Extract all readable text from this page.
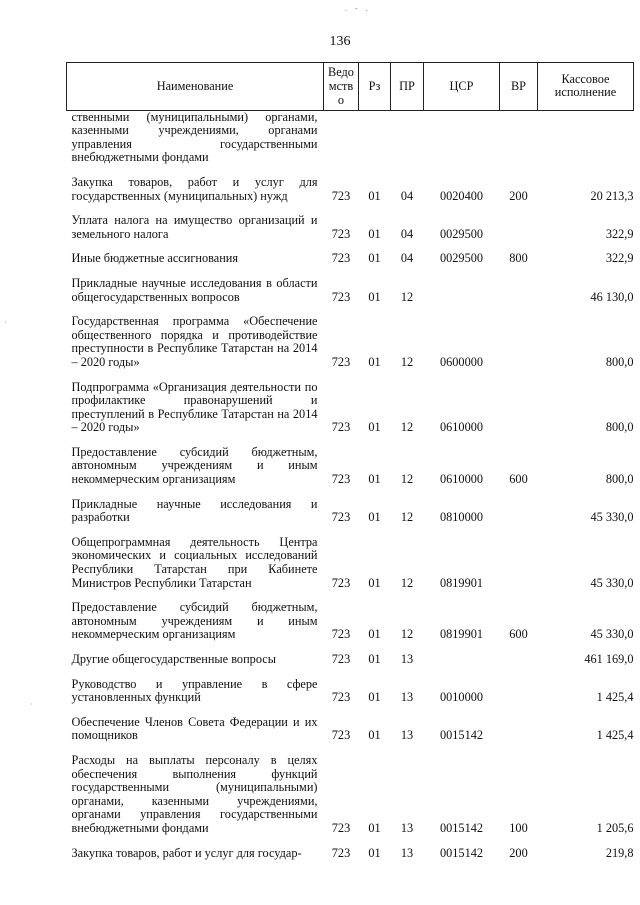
. - .
·
·
136
Наименование	Ведомство	Рз	ПР	ЦСР	ВР	Кассовое исполнение
ственными (муниципальными) органами, казенными учреждениями, органами управления государственными внебюджетными фондами						

Закупка товаров, работ и услуг для государственных (муниципальных) нужд	723	01	04	0020400	200	20 213,3

Уплата налога на имущество организаций и земельного налога	723	01	04	0029500		322,9

Иные бюджетные ассигнования	723	01	04	0029500	800	322,9

Прикладные научные исследования в области общегосударственных вопросов	723	01	12			46 130,0

Государственная программа «Обеспечение общественного порядка и противодействие преступности в Республике Татарстан на 2014 – 2020 годы»	723	01	12	0600000		800,0

Подпрограмма «Организация деятельности по профилактике правонарушений и преступлений в Республике Татарстан на 2014 – 2020 годы»	723	01	12	0610000		800,0

Предоставление субсидий бюджетным, автономным учреждениям и иным некоммерческим организациям	723	01	12	0610000	600	800,0

Прикладные научные исследования и разработки	723	01	12	0810000		45 330,0

Общепрограммная деятельность Центра экономических и социальных исследований Республики Татарстан при Кабинете Министров Республики Татарстан	723	01	12	0819901		45 330,0

Предоставление субсидий бюджетным, автономным учреждениям и иным некоммерческим организациям	723	01	12	0819901	600	45 330,0

Другие общегосударственные вопросы	723	01	13			461 169,0

Руководство и управление в сфере установленных функций	723	01	13	0010000		1 425,4

Обеспечение Членов Совета Федерации и их помощников	723	01	13	0015142		1 425,4

Расходы на выплаты персоналу в целях обеспечения выполнения функций государственными (муниципальными) органами, казенными учреждениями, органами управления государственными внебюджетными фондами	723	01	13	0015142	100	1 205,6

Закупка товаров, работ и услуг для государ-	723	01	13	0015142	200	219,8
